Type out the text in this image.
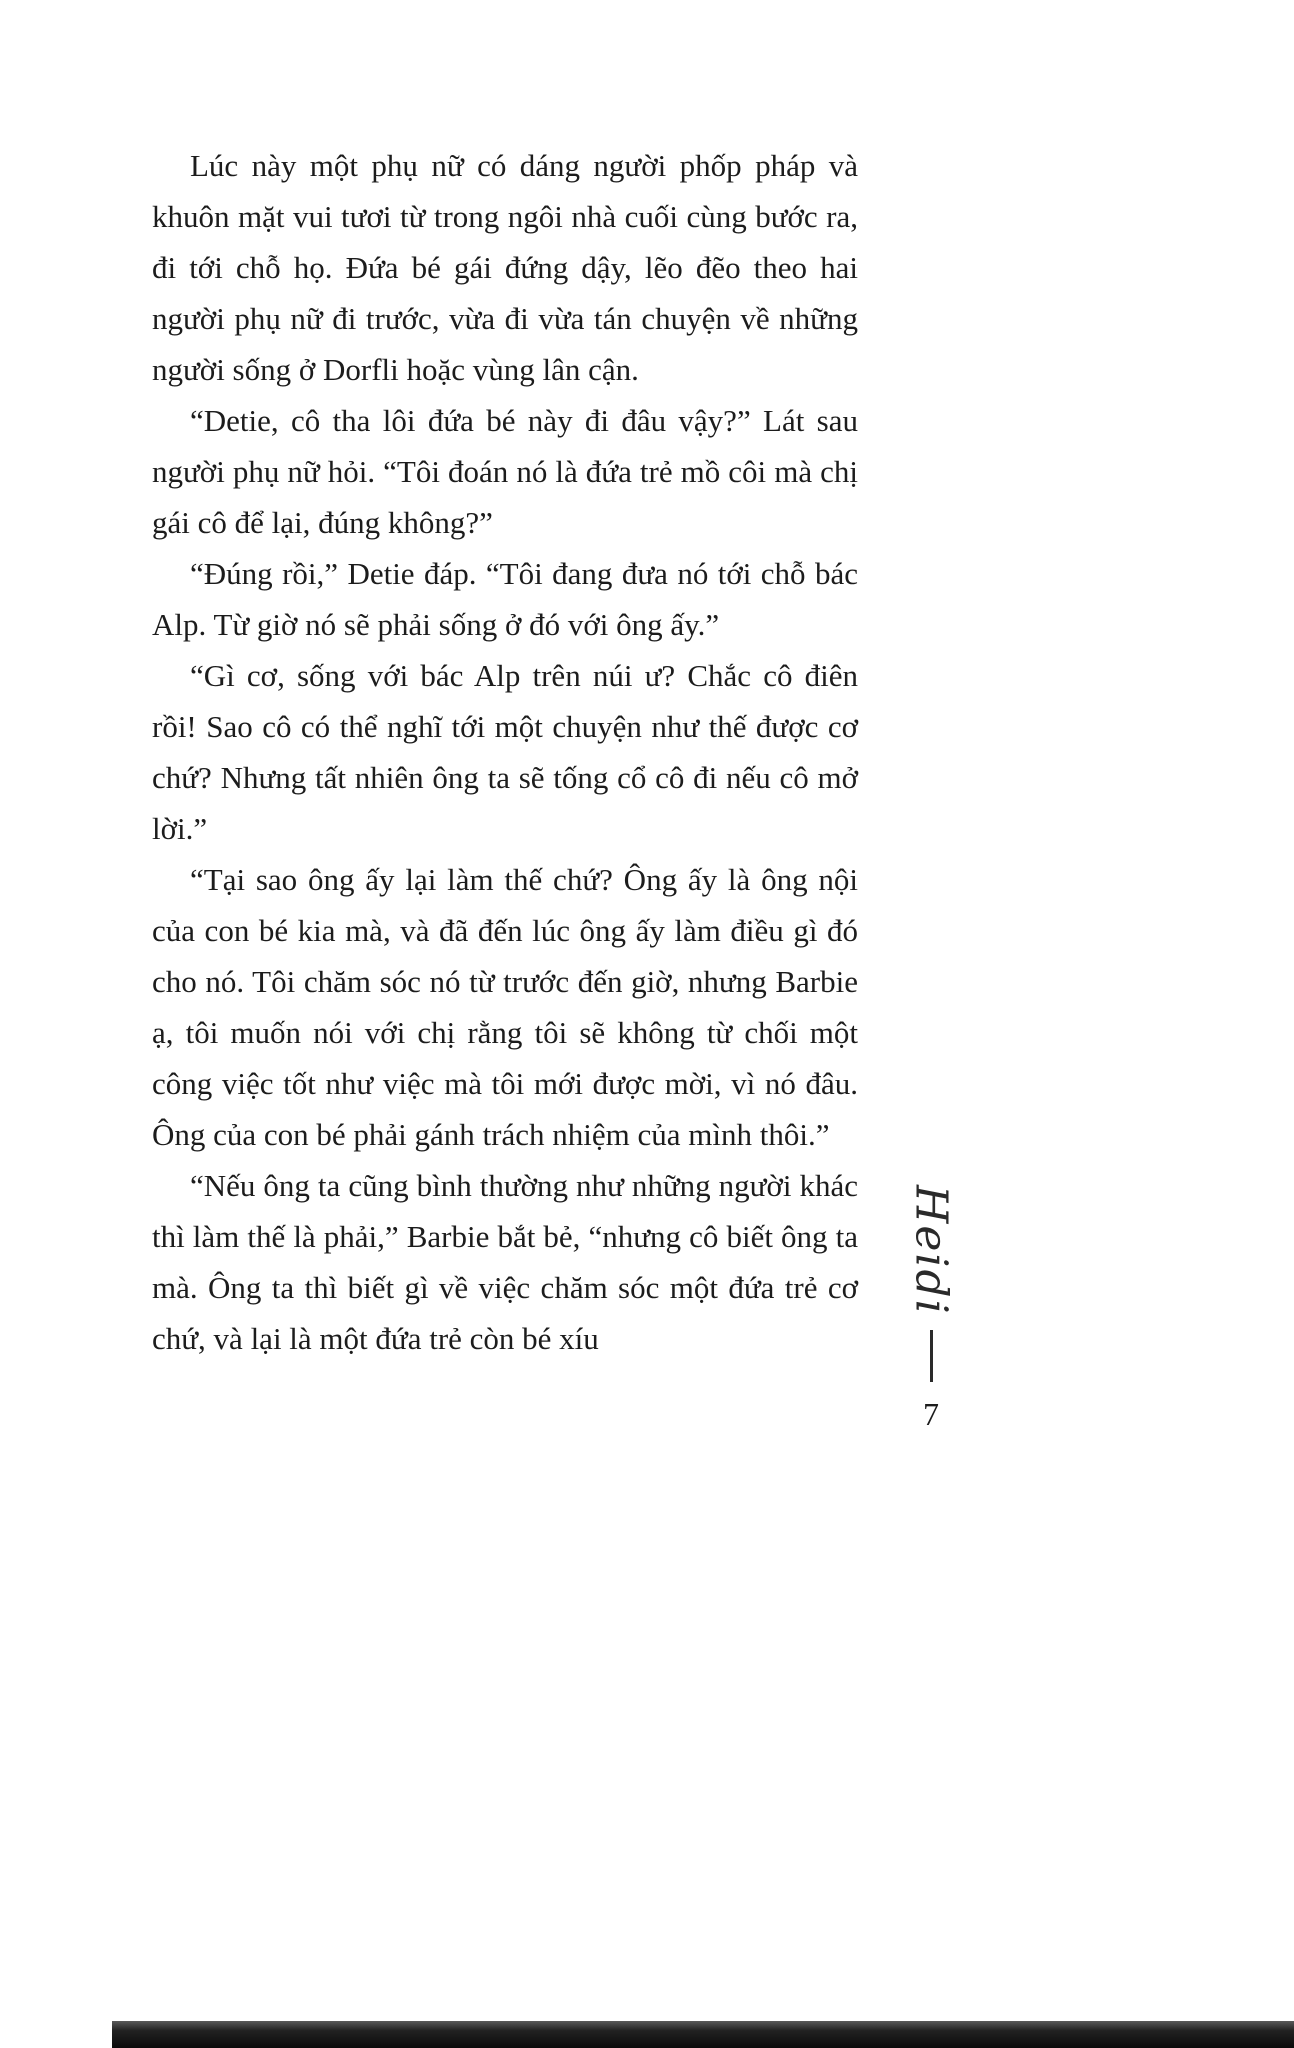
Lúc này một phụ nữ có dáng người phốp pháp và khuôn mặt vui tươi từ trong ngôi nhà cuối cùng bước ra, đi tới chỗ họ. Đứa bé gái đứng dậy, lẽo đẽo theo hai người phụ nữ đi trước, vừa đi vừa tán chuyện về những người sống ở Dorfli hoặc vùng lân cận.

“Detie, cô tha lôi đứa bé này đi đâu vậy?” Lát sau người phụ nữ hỏi. “Tôi đoán nó là đứa trẻ mồ côi mà chị gái cô để lại, đúng không?”

“Đúng rồi,” Detie đáp. “Tôi đang đưa nó tới chỗ bác Alp. Từ giờ nó sẽ phải sống ở đó với ông ấy.”

“Gì cơ, sống với bác Alp trên núi ư? Chắc cô điên rồi! Sao cô có thể nghĩ tới một chuyện như thế được cơ chứ? Nhưng tất nhiên ông ta sẽ tống cổ cô đi nếu cô mở lời.”

“Tại sao ông ấy lại làm thế chứ? Ông ấy là ông nội của con bé kia mà, và đã đến lúc ông ấy làm điều gì đó cho nó. Tôi chăm sóc nó từ trước đến giờ, nhưng Barbie ạ, tôi muốn nói với chị rằng tôi sẽ không từ chối một công việc tốt như việc mà tôi mới được mời, vì nó đâu. Ông của con bé phải gánh trách nhiệm của mình thôi.”

“Nếu ông ta cũng bình thường như những người khác thì làm thế là phải,” Barbie bắt bẻ, “nhưng cô biết ông ta mà. Ông ta thì biết gì về việc chăm sóc một đứa trẻ cơ chứ, và lại là một đứa trẻ còn bé xíu

Heidi
7
